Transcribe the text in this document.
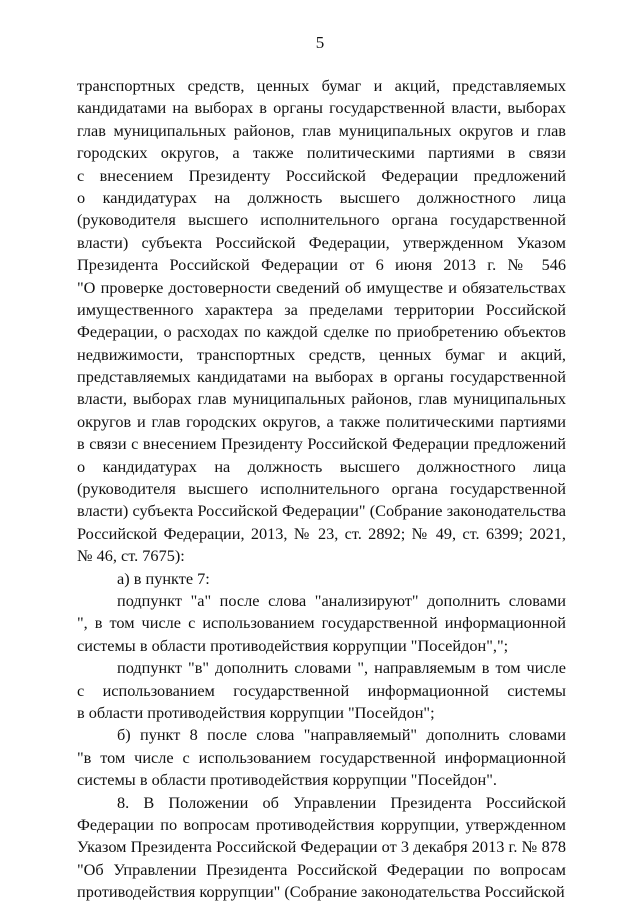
5
транспортных средств, ценных бумаг и акций, представляемых
кандидатами на выборах в органы государственной власти, выборах
глав муниципальных районов, глав муниципальных округов и глав
городских округов, а также политическими партиями в связи
с внесением Президенту Российской Федерации предложений
о кандидатурах на должность высшего должностного лица
(руководителя высшего исполнительного органа государственной
власти) субъекта Российской Федерации, утвержденном Указом
Президента Российской Федерации от 6 июня 2013 г. № 546
"О проверке достоверности сведений об имуществе и обязательствах
имущественного характера за пределами территории Российской
Федерации, о расходах по каждой сделке по приобретению объектов
недвижимости, транспортных средств, ценных бумаг и акций,
представляемых кандидатами на выборах в органы государственной
власти, выборах глав муниципальных районов, глав муниципальных
округов и глав городских округов, а также политическими партиями
в связи с внесением Президенту Российской Федерации предложений
о кандидатурах на должность высшего должностного лица
(руководителя высшего исполнительного органа государственной
власти) субъекта Российской Федерации" (Собрание законодательства
Российской Федерации, 2013, № 23, ст. 2892; № 49, ст. 6399; 2021,
№ 46, ст. 7675):
а) в пункте 7:
подпункт "а" после слова "анализируют" дополнить словами
", в том числе с использованием государственной информационной
системы в области противодействия коррупции "Посейдон",";
подпункт "в" дополнить словами ", направляемым в том числе
с использованием государственной информационной системы
в области противодействия коррупции "Посейдон";
б) пункт 8 после слова "направляемый" дополнить словами
"в том числе с использованием государственной информационной
системы в области противодействия коррупции "Посейдон".
8. В Положении об Управлении Президента Российской
Федерации по вопросам противодействия коррупции, утвержденном
Указом Президента Российской Федерации от 3 декабря 2013 г. № 878
"Об Управлении Президента Российской Федерации по вопросам
противодействия коррупции" (Собрание законодательства Российской
